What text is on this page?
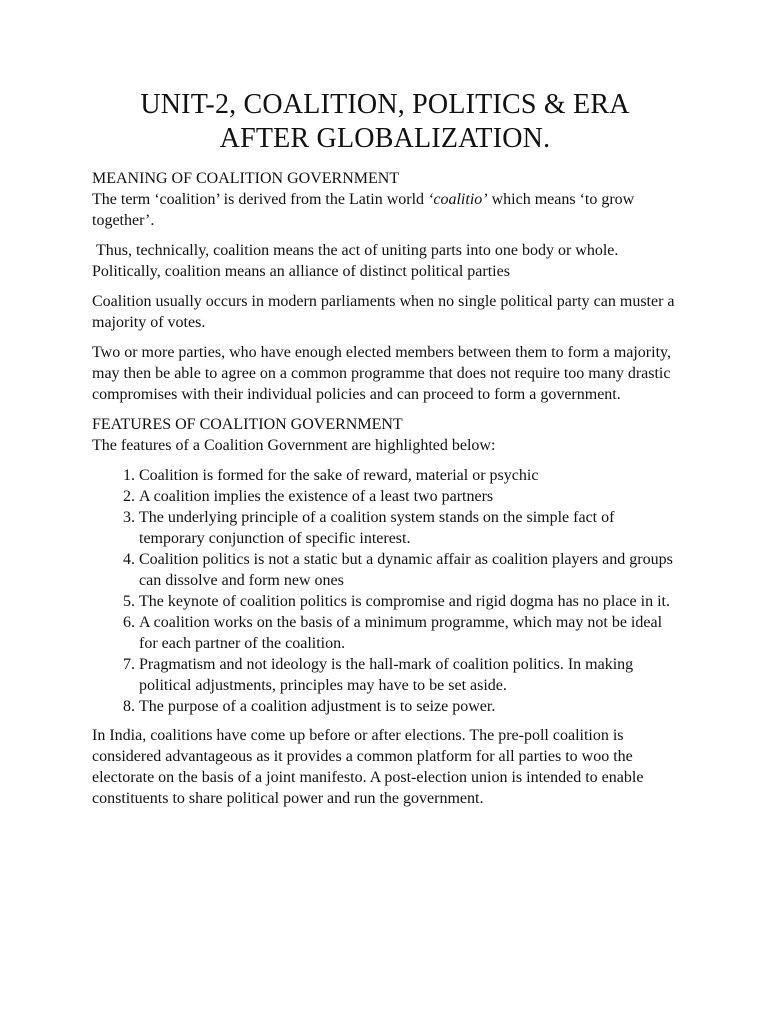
UNIT-2, COALITION, POLITICS & ERA
AFTER GLOBALIZATION.
MEANING OF COALITION GOVERNMENT

The term ‘coalition’ is derived from the Latin world ‘coalitio’ which means ‘to grow together’.

Thus, technically, coalition means the act of uniting parts into one body or whole. Politically, coalition means an alliance of distinct political parties

Coalition usually occurs in modern parliaments when no single political party can muster a majority of votes.

Two or more parties, who have enough elected members between them to form a majority, may then be able to agree on a common programme that does not require too many drastic compromises with their individual policies and can proceed to form a government.

FEATURES OF COALITION GOVERNMENT
The features of a Coalition Government are highlighted below:
1. Coalition is formed for the sake of reward, material or psychic
2. A coalition implies the existence of a least two partners
3. The underlying principle of a coalition system stands on the simple fact of temporary conjunction of specific interest.
4. Coalition politics is not a static but a dynamic affair as coalition players and groups can dissolve and form new ones
5. The keynote of coalition politics is compromise and rigid dogma has no place in it.
6. A coalition works on the basis of a minimum programme, which may not be ideal for each partner of the coalition.
7. Pragmatism and not ideology is the hall-mark of coalition politics. In making political adjustments, principles may have to be set aside.
8. The purpose of a coalition adjustment is to seize power.

In India, coalitions have come up before or after elections. The pre-poll coalition is considered advantageous as it provides a common platform for all parties to woo the electorate on the basis of a joint manifesto. A post-election union is intended to enable constituents to share political power and run the government.
